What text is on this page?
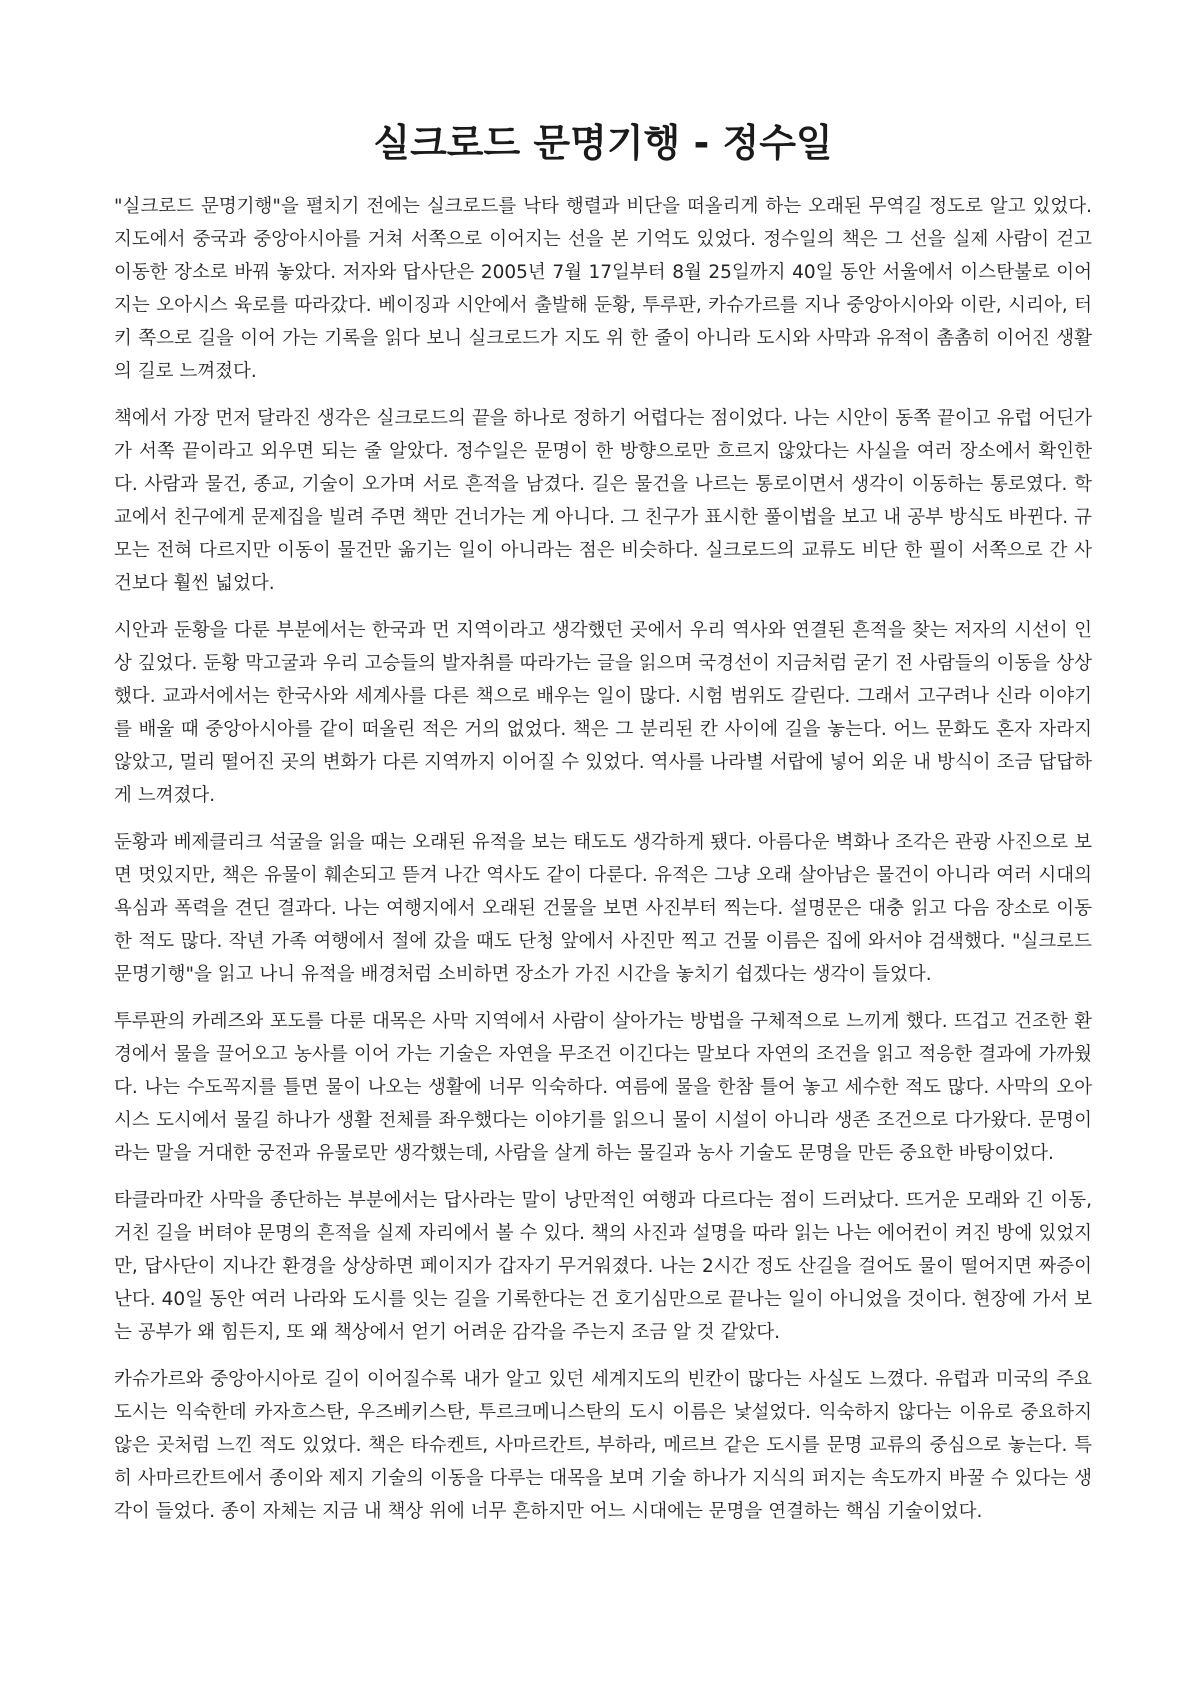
실크로드 문명기행 - 정수일

"실크로드 문명기행"을 펼치기 전에는 실크로드를 낙타 행렬과 비단을 떠올리게 하는 오래된 무역길 정도로 알고 있었다. 지도에서 중국과 중앙아시아를 거쳐 서쪽으로 이어지는 선을 본 기억도 있었다. 정수일의 책은 그 선을 실제 사람이 걷고 이동한 장소로 바꿔 놓았다. 저자와 답사단은 2005년 7월 17일부터 8월 25일까지 40일 동안 서울에서 이스탄불로 이어지는 오아시스 육로를 따라갔다. 베이징과 시안에서 출발해 둔황, 투루판, 카슈가르를 지나 중앙아시아와 이란, 시리아, 터키 쪽으로 길을 이어 가는 기록을 읽다 보니 실크로드가 지도 위 한 줄이 아니라 도시와 사막과 유적이 촘촘히 이어진 생활의 길로 느껴졌다.

책에서 가장 먼저 달라진 생각은 실크로드의 끝을 하나로 정하기 어렵다는 점이었다. 나는 시안이 동쪽 끝이고 유럽 어딘가가 서쪽 끝이라고 외우면 되는 줄 알았다. 정수일은 문명이 한 방향으로만 흐르지 않았다는 사실을 여러 장소에서 확인한다. 사람과 물건, 종교, 기술이 오가며 서로 흔적을 남겼다. 길은 물건을 나르는 통로이면서 생각이 이동하는 통로였다. 학교에서 친구에게 문제집을 빌려 주면 책만 건너가는 게 아니다. 그 친구가 표시한 풀이법을 보고 내 공부 방식도 바뀐다. 규모는 전혀 다르지만 이동이 물건만 옮기는 일이 아니라는 점은 비슷하다. 실크로드의 교류도 비단 한 필이 서쪽으로 간 사건보다 훨씬 넓었다.

시안과 둔황을 다룬 부분에서는 한국과 먼 지역이라고 생각했던 곳에서 우리 역사와 연결된 흔적을 찾는 저자의 시선이 인상 깊었다. 둔황 막고굴과 우리 고승들의 발자취를 따라가는 글을 읽으며 국경선이 지금처럼 굳기 전 사람들의 이동을 상상했다. 교과서에서는 한국사와 세계사를 다른 책으로 배우는 일이 많다. 시험 범위도 갈린다. 그래서 고구려나 신라 이야기를 배울 때 중앙아시아를 같이 떠올린 적은 거의 없었다. 책은 그 분리된 칸 사이에 길을 놓는다. 어느 문화도 혼자 자라지 않았고, 멀리 떨어진 곳의 변화가 다른 지역까지 이어질 수 있었다. 역사를 나라별 서랍에 넣어 외운 내 방식이 조금 답답하게 느껴졌다.

둔황과 베제클리크 석굴을 읽을 때는 오래된 유적을 보는 태도도 생각하게 됐다. 아름다운 벽화나 조각은 관광 사진으로 보면 멋있지만, 책은 유물이 훼손되고 뜯겨 나간 역사도 같이 다룬다. 유적은 그냥 오래 살아남은 물건이 아니라 여러 시대의 욕심과 폭력을 견딘 결과다. 나는 여행지에서 오래된 건물을 보면 사진부터 찍는다. 설명문은 대충 읽고 다음 장소로 이동한 적도 많다. 작년 가족 여행에서 절에 갔을 때도 단청 앞에서 사진만 찍고 건물 이름은 집에 와서야 검색했다. "실크로드 문명기행"을 읽고 나니 유적을 배경처럼 소비하면 장소가 가진 시간을 놓치기 쉽겠다는 생각이 들었다.

투루판의 카레즈와 포도를 다룬 대목은 사막 지역에서 사람이 살아가는 방법을 구체적으로 느끼게 했다. 뜨겁고 건조한 환경에서 물을 끌어오고 농사를 이어 가는 기술은 자연을 무조건 이긴다는 말보다 자연의 조건을 읽고 적응한 결과에 가까웠다. 나는 수도꼭지를 틀면 물이 나오는 생활에 너무 익숙하다. 여름에 물을 한참 틀어 놓고 세수한 적도 많다. 사막의 오아시스 도시에서 물길 하나가 생활 전체를 좌우했다는 이야기를 읽으니 물이 시설이 아니라 생존 조건으로 다가왔다. 문명이라는 말을 거대한 궁전과 유물로만 생각했는데, 사람을 살게 하는 물길과 농사 기술도 문명을 만든 중요한 바탕이었다.

타클라마칸 사막을 종단하는 부분에서는 답사라는 말이 낭만적인 여행과 다르다는 점이 드러났다. 뜨거운 모래와 긴 이동, 거친 길을 버텨야 문명의 흔적을 실제 자리에서 볼 수 있다. 책의 사진과 설명을 따라 읽는 나는 에어컨이 켜진 방에 있었지만, 답사단이 지나간 환경을 상상하면 페이지가 갑자기 무거워졌다. 나는 2시간 정도 산길을 걸어도 물이 떨어지면 짜증이 난다. 40일 동안 여러 나라와 도시를 잇는 길을 기록한다는 건 호기심만으로 끝나는 일이 아니었을 것이다. 현장에 가서 보는 공부가 왜 힘든지, 또 왜 책상에서 얻기 어려운 감각을 주는지 조금 알 것 같았다.

카슈가르와 중앙아시아로 길이 이어질수록 내가 알고 있던 세계지도의 빈칸이 많다는 사실도 느꼈다. 유럽과 미국의 주요 도시는 익숙한데 카자흐스탄, 우즈베키스탄, 투르크메니스탄의 도시 이름은 낯설었다. 익숙하지 않다는 이유로 중요하지 않은 곳처럼 느낀 적도 있었다. 책은 타슈켄트, 사마르칸트, 부하라, 메르브 같은 도시를 문명 교류의 중심으로 놓는다. 특히 사마르칸트에서 종이와 제지 기술의 이동을 다루는 대목을 보며 기술 하나가 지식의 퍼지는 속도까지 바꿀 수 있다는 생각이 들었다. 종이 자체는 지금 내 책상 위에 너무 흔하지만 어느 시대에는 문명을 연결하는 핵심 기술이었다.
